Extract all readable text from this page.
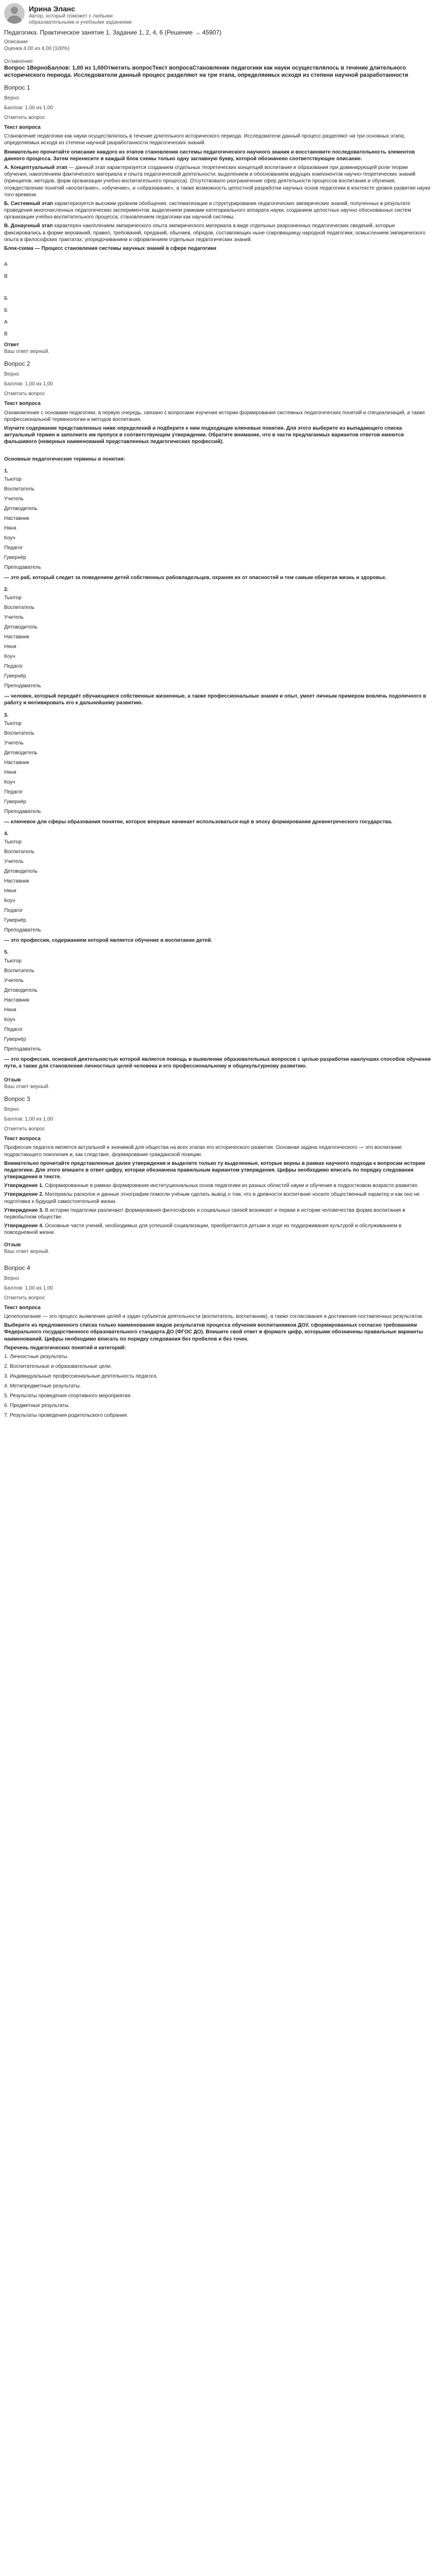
Ирина Эланс
Автор, который поможет с любыми образовательными и учебными заданиями
Педагогика. Практическое занятие 1. Задание 1, 2, 4, 6 (Решение → 45907)
Описание
Оценка 4,00 из 4,00 (100%)
Оглавление
Вопрос 1ВерноБаллов: 1,00 из 1,00Отметить вопросТекст вопросаСтановление педагогики как науки осуществлялось в течение длительного исторического периода. Исследователи данный процесс разделяют на три этапа, определяемых исходя из степени научной разработанности
Вопрос 1
Верно
Баллов: 1,00 из 1,00
Отметить вопрос
Текст вопроса

Становление педагогики как науки осуществлялось в течение длительного исторического периода. Исследователи данный процесс разделяют на три основных этапа, определяемых исходя из степени научной разработанности педагогических знаний.

Внимательно прочитайте описание каждого из этапов становления системы педагогического научного знания и восстановите последовательность элементов данного процесса. Затем перенесите в каждый блок схемы только одну заглавную букву, которой обозначено соответствующее описание.

А. Концептуальный этап — данный этап характеризуется созданием отдельных теоретических концепций воспитания и образования при доминирующей роли теории обучения; накоплением фактического материала и опыта педагогической деятельности; выделением и обоснованием ведущих компонентов научно-теоретических знаний (принципов, методов, форм организации учебно-воспитательного процесса). Отсутствовало разграничение сфер деятельности процессов воспитания и обучения; отождествление понятий «воспитание», «обучение», и «образование», а также возможность целостной разработки научных основ педагогики в контексте уровня развития науки того времени.

Б. Системный этап характеризуется высоким уровнем обобщения, систематизации и структурирования педагогических эмпирических знаний, полученных в результате проведения многочисленных педагогических экспериментов; выделением рамками категориального аппарата науки; созданием целостных научно обоснованных систем организации учебно-воспитательного процесса; становлением педагогики как научной системы.

В. Донаучный этап характерен накоплением эмпирического опыта эмпирического материала в виде отдельных разрозненных педагогических сведений, которые фиксировались в форме верований, правил, требований, преданий, обычаев, обрядов, составляющих ныне сокровищницу народной педагогики; осмыслением эмпирического опыта в философских трактатах; упорядочиванием и оформлением отдельных педагогических знаний.

Блок-схема — Процесс становления системы научных знаний в сфере педагогики

А
В
Б
Б
А
В
Ответ
Ваш ответ верный.
Вопрос 2
Верно
Баллов: 1,00 из 1,00
Отметить вопрос
Текст вопроса

Ознакомление с основами педагогики, а первую очередь, связано с вопросами изучения истории формирования системных педагогических понятий и специализаций, а также профессиональной терминологии и методов воспитания.

Изучите содержание представленных ниже определений и подберите к ним подходящие ключевые понятия. Для этого выберите из выпадающего списка актуальный термин и заполните им пропуск в соответствующем утверждении. Обратите внимание, что в части предлагаемых вариантов ответов имеются фальшивого (неверных наименований представленных педагогических профессий).

Основные педагогические термины и понятия:

1.
Тьютор
Воспитатель
Учитель
Детоводитель
Наставник
Няня
Коуч
Педагог
Гувернёр
Преподаватель

— это раб, который следит за поведением детей собственных рабовладельцев, охраняя их от опасностей и тем самым оберегая жизнь и здоровье.

2.
Тьютор
Воспитатель
Учитель
Детоводитель
Наставник
Няня
Коуч
Педагог
Гувернёр
Преподаватель

— человек, который передаёт обучающимся собственные жизненные, а также профессиональные знания и опыт, умеет личным примером вовлечь подопечного в работу и мотивировать его к дальнейшему развитию.

3.
Тьютор
Воспитатель
Учитель
Детоводитель
Наставник
Няня
Коуч
Педагог
Гувернёр
Преподаватель

— ключевое для сферы образования понятие, которое впервые начинает использоваться ещё в эпоху формирования древнегреческого государства.

4.
Тьютор
Воспитатель
Учитель
Детоводитель
Наставник
Няня
Коуч
Педагог
Гувернёр
Преподаватель

— это профессия, содержанием которой является обучение и воспитание детей.

5.
Тьютор
Воспитатель
Учитель
Детоводитель
Наставник
Няня
Коуч
Педагог
Гувернёр
Преподаватель

— это профессия, основной деятельностью которой является помощь в выявлении образовательных вопросов с целью разработки наилучших способов обучения пути, а также для становления личностных целей человека и его профессиональному и общекультурному развитию.

Отзыв
Ваш ответ верный.
Вопрос 3
Верно
Баллов: 1,00 из 1,00
Отметить вопрос
Текст вопроса

Профессия педагога является актуальной и значимой для общества на всех этапах его исторического развития. Основная задача педагогического — это воспитание подрастающего поколения и, как следствие, формирование гражданской позиции.

Внимательно прочитайте представленные далее утверждения и выделите только ту выделенные, которые верны в рамках научного подхода к вопросам истории педагогики. Для этого впишите в ответ цифру, которая обозначена правильным вариантом утверждения. Цифры необходимо вписать по порядку следования утверждения в тексте.

Утверждение 1. Сформированные в рамках формирования институциональных основ педагогики из разных областей науки и обучения в подростковом возрасте развития.

Утверждение 2. Материалы раскопок и данные этнографии помогли учёным сделать вывод о том, что в древности воспитание носило общественный характер и как оно не подготовка к будущей самостоятельной жизни.

Утверждение 3. В истории педагогики различают формирования философских и социальных связей возникает и первая в истории человечества форма воспитания в первобытном обществе.

Утверждение 4. Основные части учений, необходимых для успешной социализации, приобретаются детьми в ходе их поддерживания культурой и обслуживанием в повседневной жизни.

Отзыв
Ваш ответ верный.
Вопрос 4
Верно
Баллов: 1,00 из 1,00
Отметить вопрос
Текст вопроса

Целеполагание — это процесс выявления целей и задач субъектов деятельности (воспитатель, воспитанник), а также согласования и достижения поставленных результатов.

Выберите из предложенного списка только наименования видов результатов процесса обучения воспитанников ДОУ, сформированных согласно требованиям Федерального государственного образовательного стандарта ДО (ФГОС ДО). Впишите свой ответ в формате цифр, которыми обозначены правильные варианты наименований. Цифры необходимо вписать по порядку следования без пробелов и без точек.

Перечень педагогических понятий и категорий:

1. Личностные результаты.
2. Воспитательные и образовательные цели.
3. Индивидуальные профессиональные деятельность педагога.
4. Метапредметные результаты.
5. Результаты проведения спортивного мероприятия.
6. Предметные результаты.
7. Результаты проведения родительского собрания.
